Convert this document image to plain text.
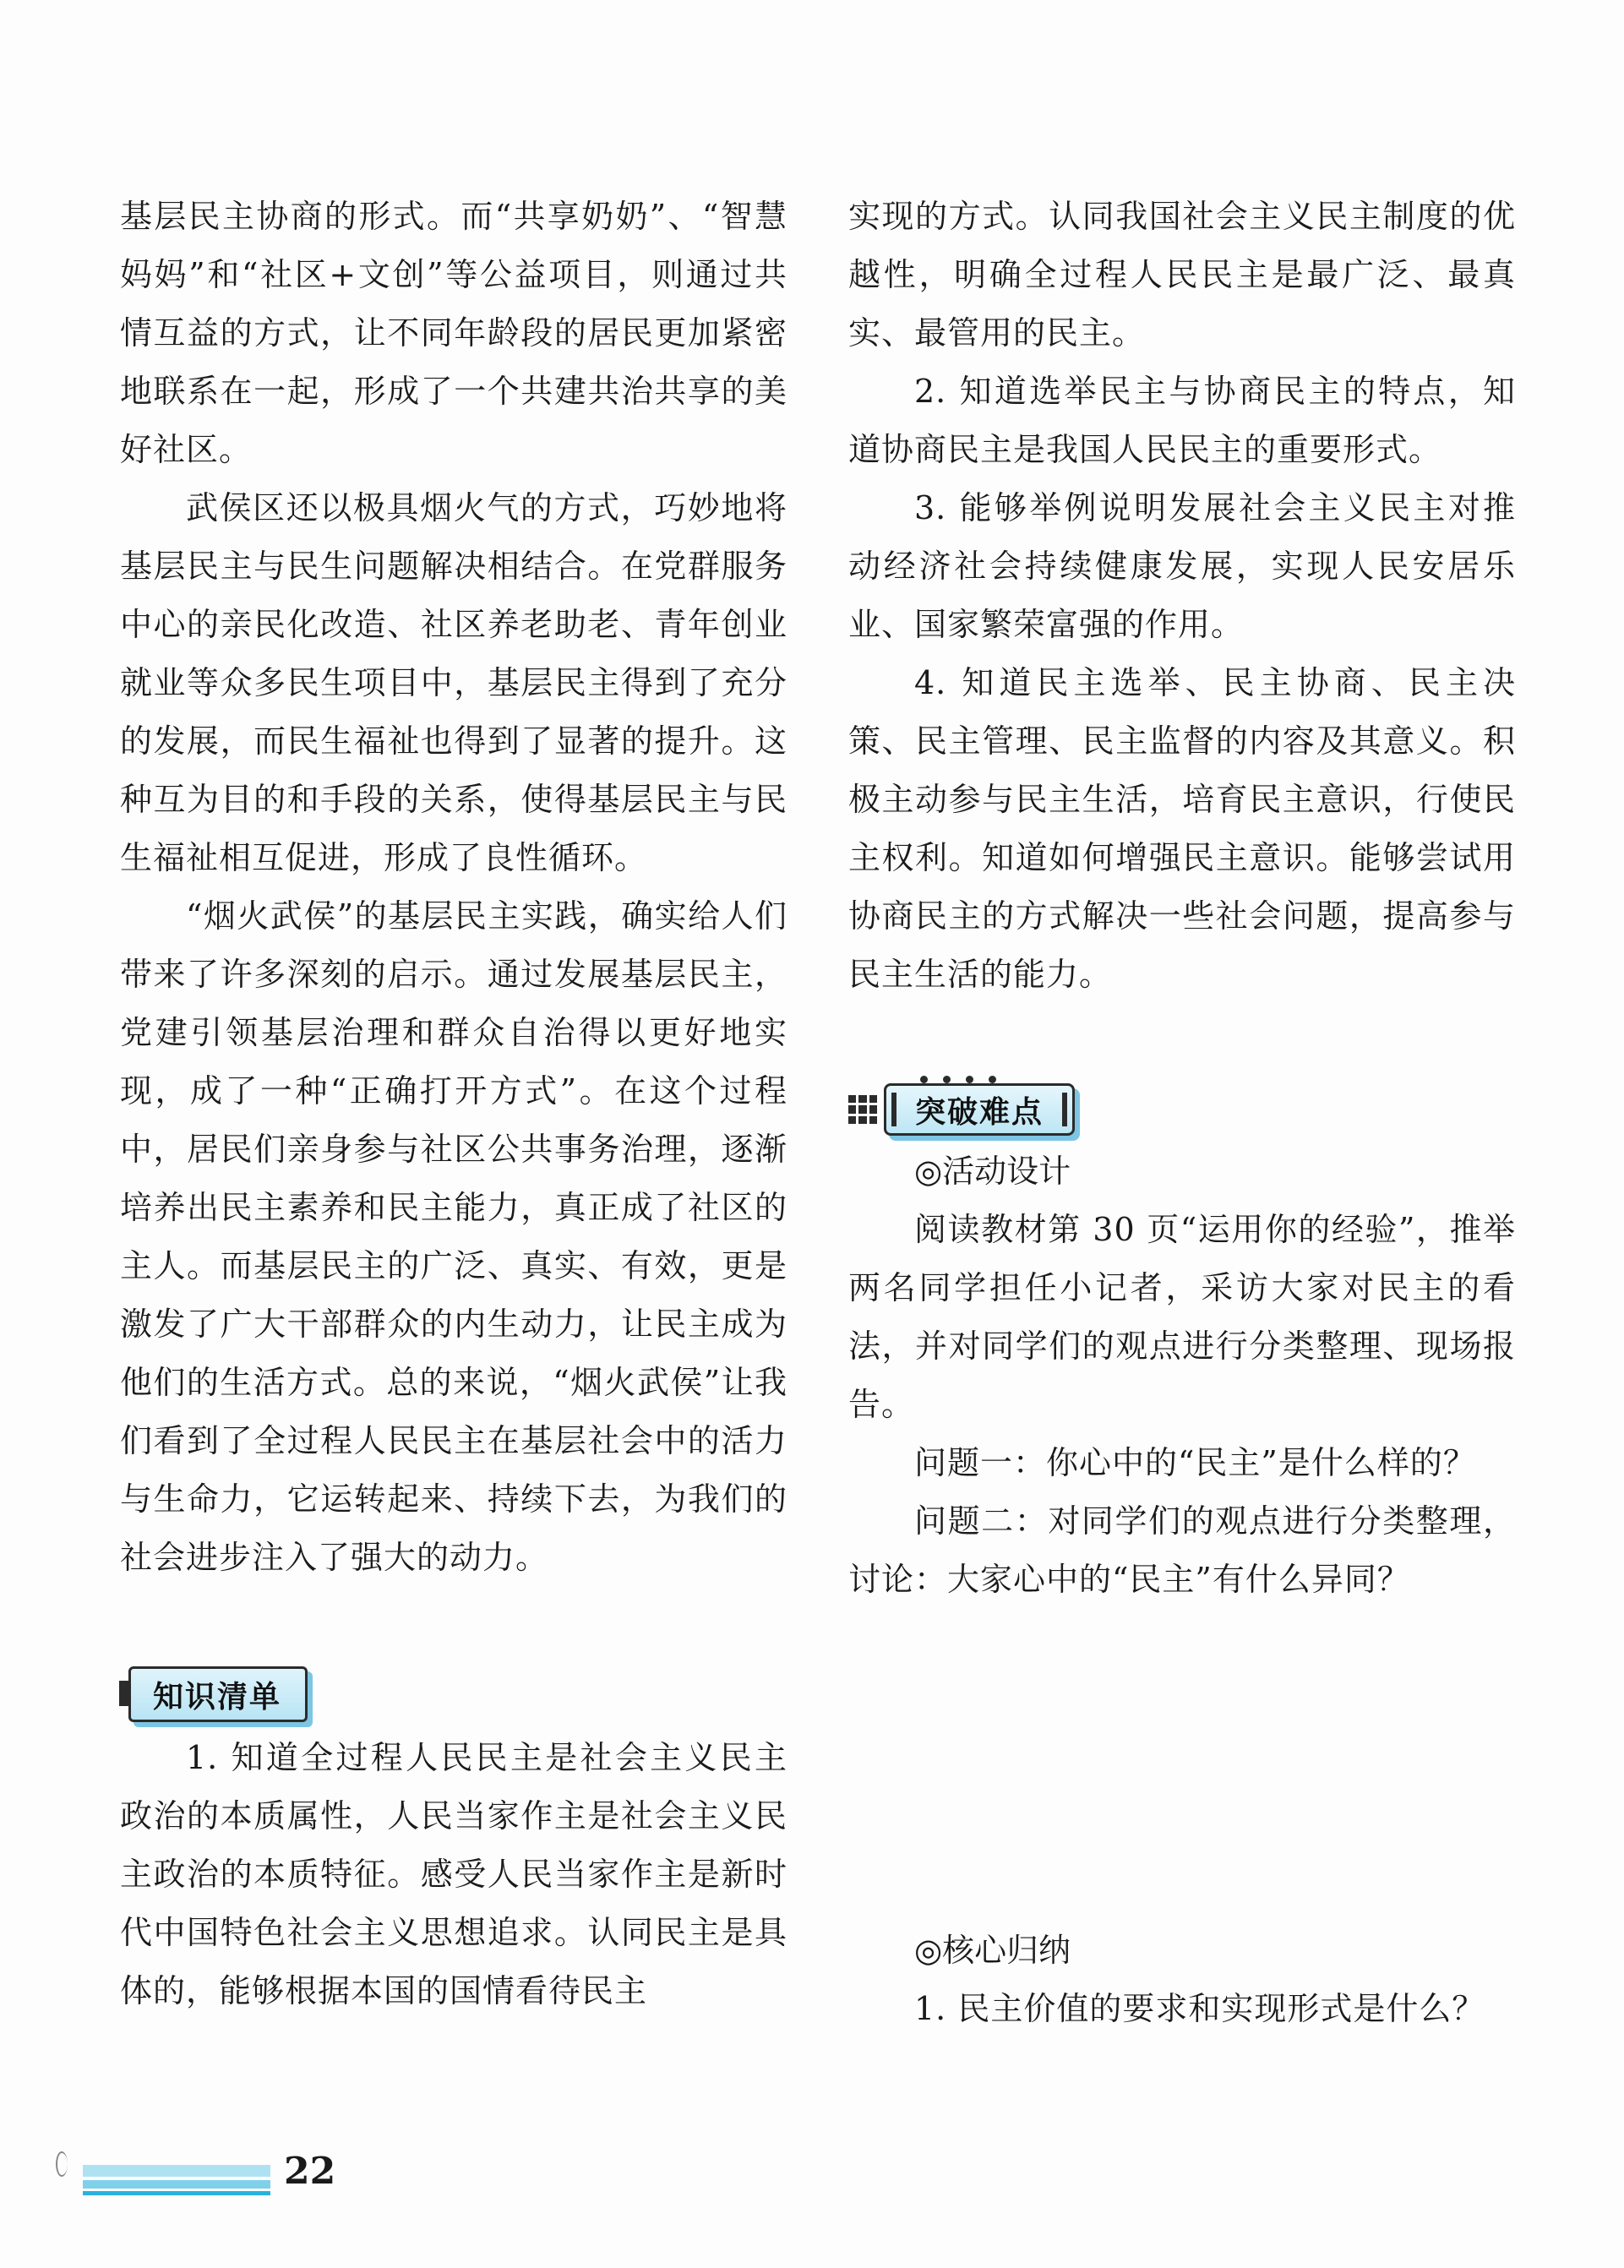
基层民主协商的形式。而“共享奶奶”、“智慧妈妈”和“社区+文创”等公益项目，则通过共情互益的方式，让不同年龄段的居民更加紧密地联系在一起，形成了一个共建共治共享的美好社区。

武侯区还以极具烟火气的方式，巧妙地将基层民主与民生问题解决相结合。在党群服务中心的亲民化改造、社区养老助老、青年创业就业等众多民生项目中，基层民主得到了充分的发展，而民生福祉也得到了显著的提升。这种互为目的和手段的关系，使得基层民主与民生福祉相互促进，形成了良性循环。

“烟火武侯”的基层民主实践，确实给人们带来了许多深刻的启示。通过发展基层民主，党建引领基层治理和群众自治得以更好地实现，成了一种“正确打开方式”。在这个过程中，居民们亲身参与社区公共事务治理，逐渐培养出民主素养和民主能力，真正成了社区的主人。而基层民主的广泛、真实、有效，更是激发了广大干部群众的内生动力，让民主成为他们的生活方式。总的来说，“烟火武侯”让我们看到了全过程人民民主在基层社会中的活力与生命力，它运转起来、持续下去，为我们的社会进步注入了强大的动力。

知识清单

1. 知道全过程人民民主是社会主义民主政治的本质属性，人民当家作主是社会主义民主政治的本质特征。感受人民当家作主是新时代中国特色社会主义思想追求。认同民主是具体的，能够根据本国的国情看待民主

实现的方式。认同我国社会主义民主制度的优越性，明确全过程人民民主是最广泛、最真实、最管用的民主。

2. 知道选举民主与协商民主的特点，知道协商民主是我国人民民主的重要形式。

3. 能够举例说明发展社会主义民主对推动经济社会持续健康发展，实现人民安居乐业、国家繁荣富强的作用。

4. 知道民主选举、民主协商、民主决策、民主管理、民主监督的内容及其意义。积极主动参与民主生活，培育民主意识，行使民主权利。知道如何增强民主意识。能够尝试用协商民主的方式解决一些社会问题，提高参与民主生活的能力。

突破难点

◎活动设计

阅读教材第 30 页“运用你的经验”，推举两名同学担任小记者，采访大家对民主的看法，并对同学们的观点进行分类整理、现场报告。

问题一：你心中的“民主”是什么样的？

问题二：对同学们的观点进行分类整理，讨论：大家心中的“民主”有什么异同？

◎核心归纳

1. 民主价值的要求和实现形式是什么？

22
